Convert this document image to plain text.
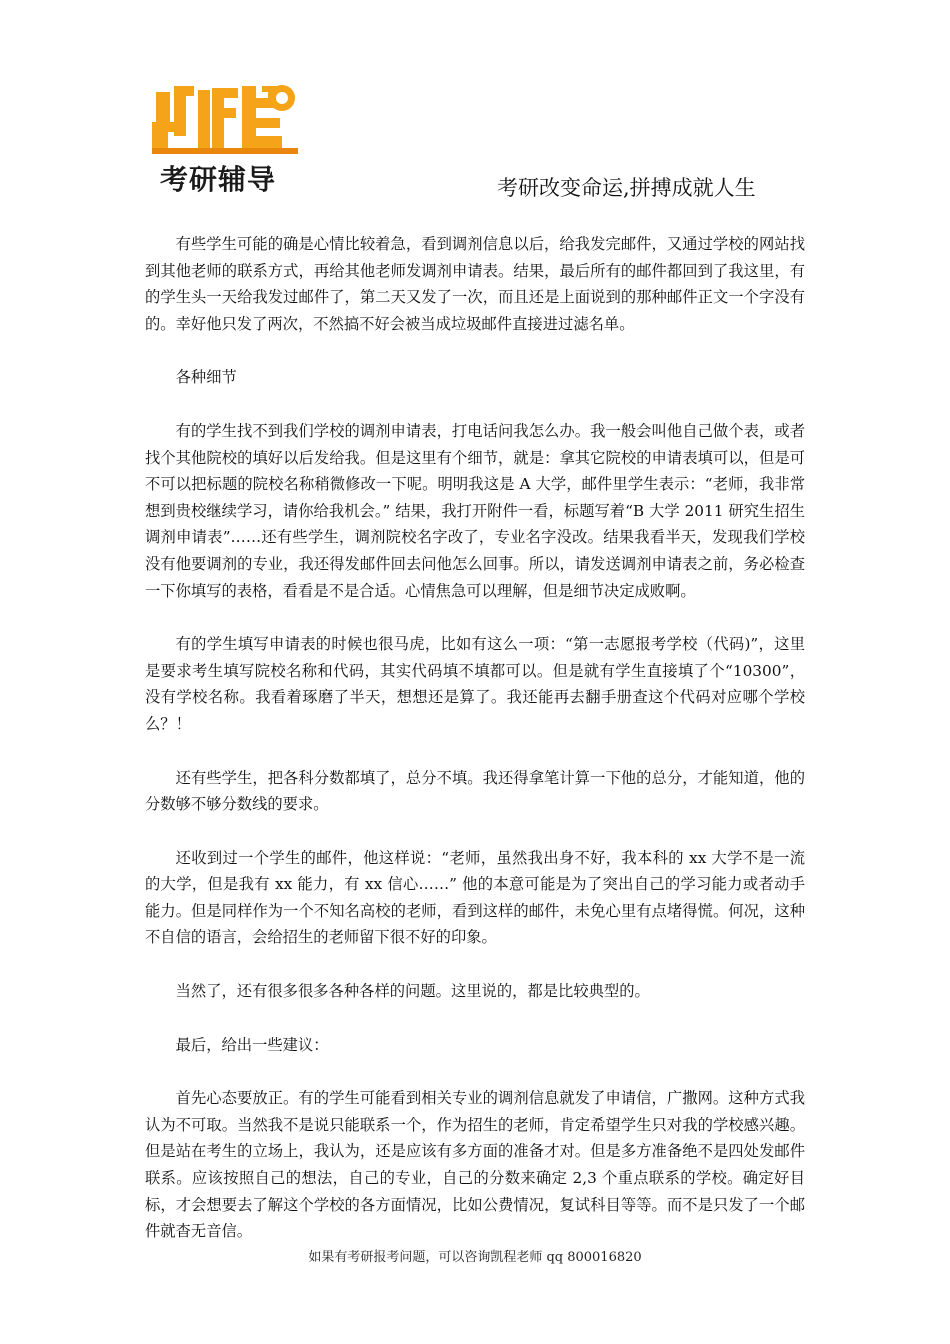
考研辅导	考研改变命运,拼搏成就人生

有些学生可能的确是心情比较着急，看到调剂信息以后，给我发完邮件，又通过学校的网站找到其他老师的联系方式，再给其他老师发调剂申请表。结果，最后所有的邮件都回到了我这里，有的学生头一天给我发过邮件了，第二天又发了一次，而且还是上面说到的那种邮件正文一个字没有的。幸好他只发了两次，不然搞不好会被当成垃圾邮件直接进过滤名单。

各种细节

有的学生找不到我们学校的调剂申请表，打电话问我怎么办。我一般会叫他自己做个表，或者找个其他院校的填好以后发给我。但是这里有个细节，就是：拿其它院校的申请表填可以，但是可不可以把标题的院校名称稍微修改一下呢。明明我这是 A 大学，邮件里学生表示：“老师，我非常想到贵校继续学习，请你给我机会。” 结果，我打开附件一看，标题写着“B 大学 2011 研究生招生调剂申请表”……还有些学生，调剂院校名字改了，专业名字没改。结果我看半天，发现我们学校没有他要调剂的专业，我还得发邮件回去问他怎么回事。所以，请发送调剂申请表之前，务必检查一下你填写的表格，看看是不是合适。心情焦急可以理解，但是细节决定成败啊。

有的学生填写申请表的时候也很马虎，比如有这么一项：“第一志愿报考学校（代码)”，这里是要求考生填写院校名称和代码，其实代码填不填都可以。但是就有学生直接填了个“10300”，没有学校名称。我看着琢磨了半天，想想还是算了。我还能再去翻手册查这个代码对应哪个学校么？！

还有些学生，把各科分数都填了，总分不填。我还得拿笔计算一下他的总分，才能知道，他的分数够不够分数线的要求。

还收到过一个学生的邮件，他这样说：“老师，虽然我出身不好，我本科的 xx 大学不是一流的大学，但是我有 xx 能力，有 xx 信心……” 他的本意可能是为了突出自己的学习能力或者动手能力。但是同样作为一个不知名高校的老师，看到这样的邮件，未免心里有点堵得慌。何况，这种不自信的语言，会给招生的老师留下很不好的印象。

当然了，还有很多很多各种各样的问题。这里说的，都是比较典型的。

最后，给出一些建议：

首先心态要放正。有的学生可能看到相关专业的调剂信息就发了申请信，广撒网。这种方式我认为不可取。当然我不是说只能联系一个，作为招生的老师，肯定希望学生只对我的学校感兴趣。但是站在考生的立场上，我认为，还是应该有多方面的准备才对。但是多方准备绝不是四处发邮件联系。应该按照自己的想法，自己的专业，自己的分数来确定 2,3 个重点联系的学校。确定好目标，才会想要去了解这个学校的各方面情况，比如公费情况，复试科目等等。而不是只发了一个邮件就杳无音信。

如果有考研报考问题，可以咨询凯程老师 qq 800016820
